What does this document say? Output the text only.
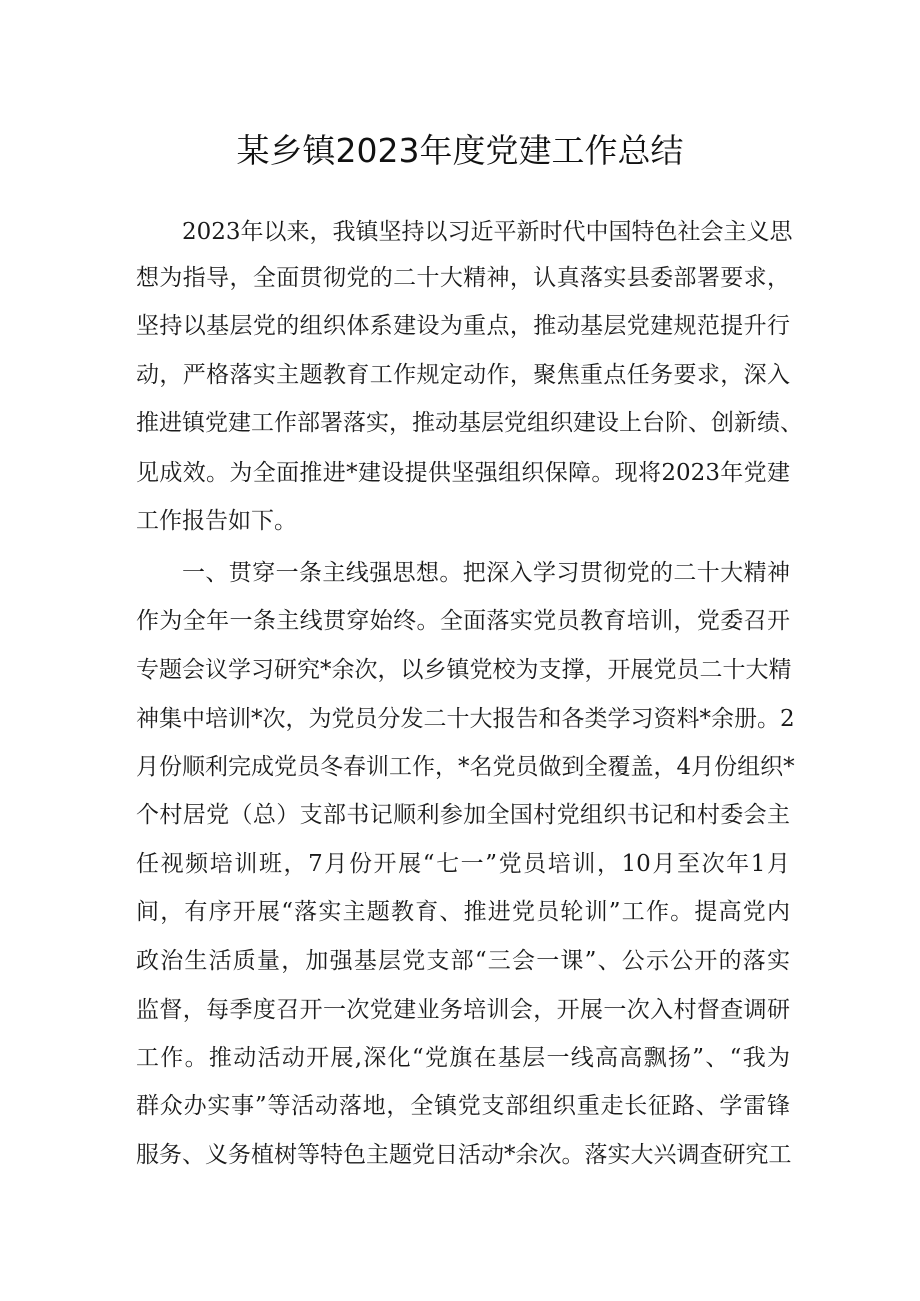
某乡镇2023年度党建工作总结
2023年以来，我镇坚持以习近平新时代中国特色社会主义思
想为指导，全面贯彻党的二十大精神，认真落实县委部署要求，
坚持以基层党的组织体系建设为重点，推动基层党建规范提升行
动，严格落实主题教育工作规定动作，聚焦重点任务要求，深入
推进镇党建工作部署落实，推动基层党组织建设上台阶、创新绩、
见成效。为全面推进*建设提供坚强组织保障。现将2023年党建
工作报告如下。
一、贯穿一条主线强思想。把深入学习贯彻党的二十大精神
作为全年一条主线贯穿始终。全面落实党员教育培训，党委召开
专题会议学习研究*余次，以乡镇党校为支撑，开展党员二十大精
神集中培训*次，为党员分发二十大报告和各类学习资料*余册。2
月份顺利完成党员冬春训工作，*名党员做到全覆盖，4月份组织*
个村居党（总）支部书记顺利参加全国村党组织书记和村委会主
任视频培训班，7月份开展“七一”党员培训，10月至次年1月
间，有序开展“落实主题教育、推进党员轮训”工作。提高党内
政治生活质量，加强基层党支部“三会一课”、公示公开的落实
监督，每季度召开一次党建业务培训会，开展一次入村督查调研
工作。推动活动开展,深化“党旗在基层一线高高飘扬”、“我为
群众办实事”等活动落地，全镇党支部组织重走长征路、学雷锋
服务、义务植树等特色主题党日活动*余次。落实大兴调查研究工
